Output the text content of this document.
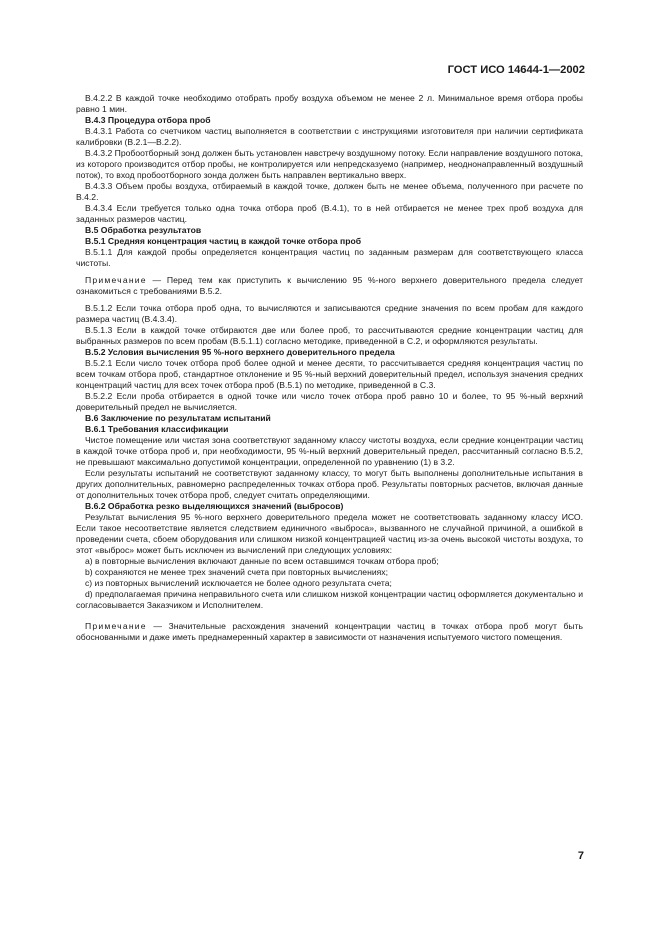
ГОСТ ИСО 14644-1—2002

B.4.2.2 В каждой точке необходимо отобрать пробу воздуха объемом не менее 2 л. Минимальное время отбора пробы равно 1 мин.

B.4.3 Процедура отбора проб

B.4.3.1 Работа со счетчиком частиц выполняется в соответствии с инструкциями изготовителя при наличии сертификата калибровки (B.2.1—B.2.2).

B.4.3.2 Пробоотборный зонд должен быть установлен навстречу воздушному потоку. Если направление воздушного потока, из которого производится отбор пробы, не контролируется или непредсказуемо (например, неоднонаправленный воздушный поток), то вход пробоотборного зонда должен быть направлен вертикально вверх.

B.4.3.3 Объем пробы воздуха, отбираемый в каждой точке, должен быть не менее объема, полученного при расчете по B.4.2.

B.4.3.4 Если требуется только одна точка отбора проб (B.4.1), то в ней отбирается не менее трех проб воздуха для заданных размеров частиц.

B.5 Обработка результатов

B.5.1 Средняя концентрация частиц в каждой точке отбора проб

B.5.1.1 Для каждой пробы определяется концентрация частиц по заданным размерам для соответствующего класса чистоты.

Примечание — Перед тем как приступить к вычислению 95 %-ного верхнего доверительного предела следует ознакомиться с требованиями B.5.2.

B.5.1.2 Если точка отбора проб одна, то вычисляются и записываются средние значения по всем пробам для каждого размера частиц (B.4.3.4).

B.5.1.3 Если в каждой точке отбираются две или более проб, то рассчитываются средние концентрации частиц для выбранных размеров по всем пробам (B.5.1.1) согласно методике, приведенной в C.2, и оформляются результаты.

B.5.2 Условия вычисления 95 %-ного верхнего доверительного предела

B.5.2.1 Если число точек отбора проб более одной и менее десяти, то рассчитывается средняя концентрация частиц по всем точкам отбора проб, стандартное отклонение и 95 %-ный верхний доверительный предел, используя значения средних концентраций частиц для всех точек отбора проб (B.5.1) по методике, приведенной в C.3.

B.5.2.2 Если проба отбирается в одной точке или число точек отбора проб равно 10 и более, то 95 %-ный верхний доверительный предел не вычисляется.

B.6 Заключение по результатам испытаний

B.6.1 Требования классификации

Чистое помещение или чистая зона соответствуют заданному классу чистоты воздуха, если средние концентрации частиц в каждой точке отбора проб и, при необходимости, 95 %-ный верхний доверительный предел, рассчитанный согласно B.5.2, не превышают максимально допустимой концентрации, определенной по уравнению (1) в 3.2.

Если результаты испытаний не соответствуют заданному классу, то могут быть выполнены дополнительные испытания в других дополнительных, равномерно распределенных точках отбора проб. Результаты повторных расчетов, включая данные от дополнительных точек отбора проб, следует считать определяющими.

B.6.2 Обработка резко выделяющихся значений (выбросов)

Результат вычисления 95 %-ного верхнего доверительного предела может не соответствовать заданному классу ИСО. Если такое несоответствие является следствием единичного «выброса», вызванного не случайной причиной, а ошибкой в проведении счета, сбоем оборудования или слишком низкой концентрацией частиц из-за очень высокой чистоты воздуха, то этот «выброс» может быть исключен из вычислений при следующих условиях:

a) в повторные вычисления включают данные по всем оставшимся точкам отбора проб;

b) сохраняются не менее трех значений счета при повторных вычислениях;

c) из повторных вычислений исключается не более одного результата счета;

d) предполагаемая причина неправильного счета или слишком низкой концентрации частиц оформляется документально и согласовывается Заказчиком и Исполнителем.

Примечание — Значительные расхождения значений концентрации частиц в точках отбора проб могут быть обоснованными и даже иметь преднамеренный характер в зависимости от назначения испытуемого чистого помещения.

7
